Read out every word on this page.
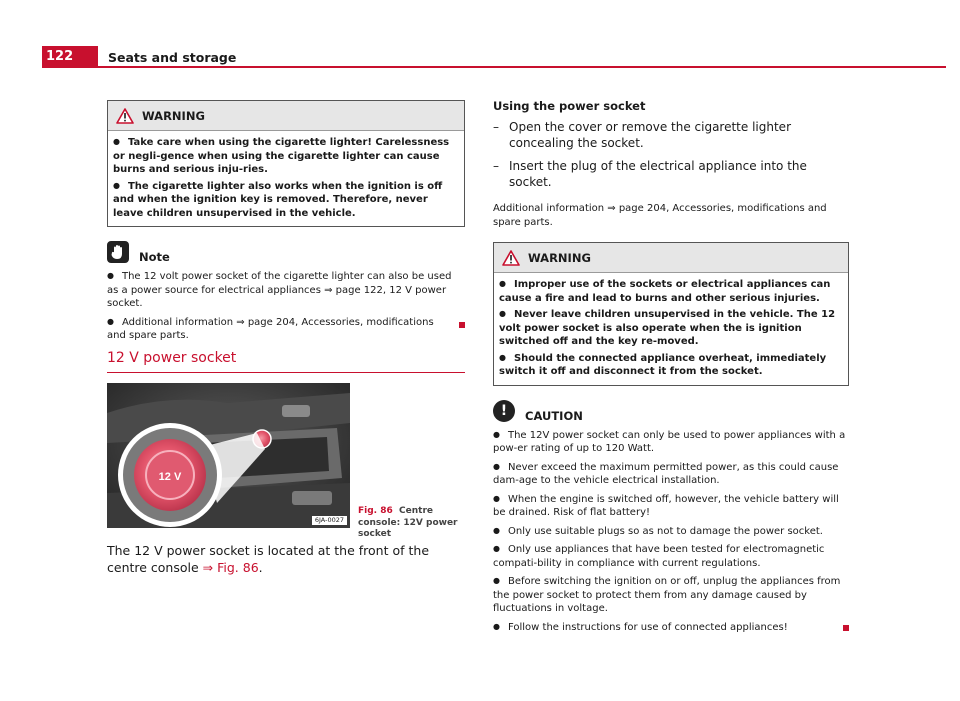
122	Seats and storage
WARNING

● Take care when using the cigarette lighter! Carelessness or negli-gence when using the cigarette lighter can cause burns and serious inju-ries.

● The cigarette lighter also works when the ignition is off and when the ignition key is removed. Therefore, never leave children unsupervised in the vehicle.

Note

● The 12 volt power socket of the cigarette lighter can also be used as a power source for electrical appliances ⇒ page 122, 12 V power socket.

● Additional information ⇒ page 204, Accessories, modifications and spare parts.

12 V power socket
12 V
6JA-0027
Fig. 86 Centre console: 12V power socket
The 12 V power socket is located at the front of the centre console ⇒ Fig. 86.
Using the power socket
– Open the cover or remove the cigarette lighter concealing the socket.
– Insert the plug of the electrical appliance into the socket.
Additional information ⇒ page 204, Accessories, modifications and spare parts.
WARNING

● Improper use of the sockets or electrical appliances can cause a fire and lead to burns and other serious injuries.

● Never leave children unsupervised in the vehicle. The 12 volt power socket is also operate when the is ignition switched off and the key re-moved.

● Should the connected appliance overheat, immediately switch it off and disconnect it from the socket.

!	CAUTION

● The 12V power socket can only be used to power appliances with a pow-er rating of up to 120 Watt.

● Never exceed the maximum permitted power, as this could cause dam-age to the vehicle electrical installation.

● When the engine is switched off, however, the vehicle battery will be drained. Risk of flat battery!

● Only use suitable plugs so as not to damage the power socket.

● Only use appliances that have been tested for electromagnetic compati-bility in compliance with current regulations.

● Before switching the ignition on or off, unplug the appliances from the power socket to protect them from any damage caused by fluctuations in voltage.

● Follow the instructions for use of connected appliances!
